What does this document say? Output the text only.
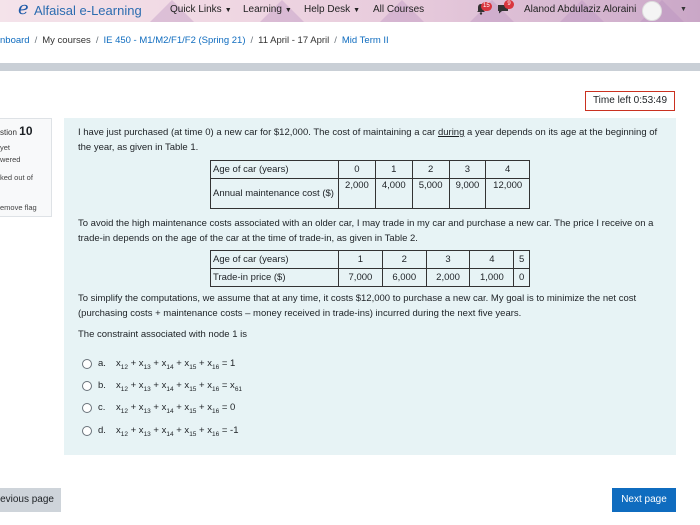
e Alfaisal e-Learning	Quick Links ▼ Learning ▼ Help Desk ▼ All Courses	15	9	Alanod Abdulaziz Aloraini	▼
nboard / My courses / IE 450 - M1/M2/F1/F2 (Spring 21) / 11 April - 17 April / Mid Term II
Time left 0:53:49
stion 10
yet
wered
ked out of
emove flag
I have just purchased (at time 0) a new car for $12,000. The cost of maintaining a car during a year depends on its age at the beginning of the year, as given in Table 1.
Age of car (years)	0	1	2	3	4
Annual maintenance cost ($)	2,000	4,000	5,000	9,000	12,000
To avoid the high maintenance costs associated with an older car, I may trade in my car and purchase a new car. The price I receive on a trade-in depends on the age of the car at the time of trade-in, as given in Table 2.
Age of car (years)	1	2	3	4	5
Trade-in price ($)	7,000	6,000	2,000	1,000	0
To simplify the computations, we assume that at any time, it costs $12,000 to purchase a new car. My goal is to minimize the net cost (purchasing costs + maintenance costs – money received in trade-ins) incurred during the next five years.
The constraint associated with node 1 is
a. $x_{12} + x_{13} + x_{14} + x_{15} + x_{16} = 1$
b. $x_{12} + x_{13} + x_{14} + x_{15} + x_{16} = x_{61}$
c. $x_{12} + x_{13} + x_{14} + x_{15} + x_{16} = 0$
d. $x_{12} + x_{13} + x_{14} + x_{15} + x_{16} = -1$
evious page	Next page
